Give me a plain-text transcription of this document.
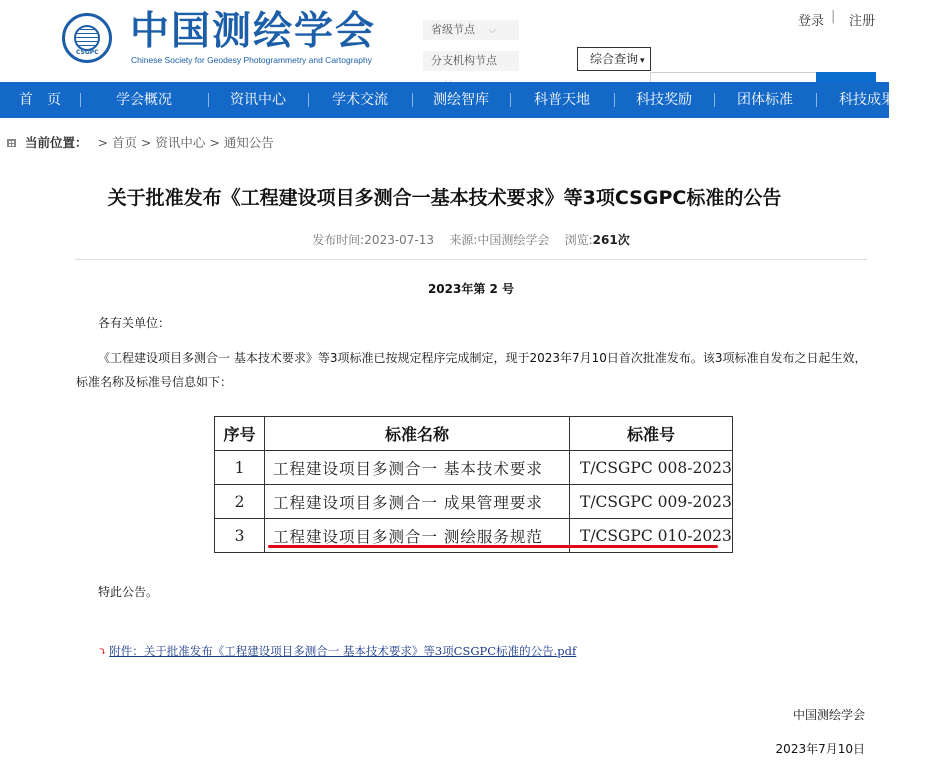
CSGPC 中国测绘学会
Chinese Society for Geodesy Photogrammetry and Cartography
省级节点 ⌵
分支机构节点	综合查询 ▾
登录 | 注册
首　页	学会概况	资讯中心	学术交流	测绘智库	科普天地	科技奖励	团体标准	科技成果
当前位置： > 首页 > 资讯中心 > 通知公告
关于批准发布《工程建设项目多测合一基本技术要求》等3项CSGPC标准的公告
发布时间:2023-07-13 来源:中国测绘学会 浏览:261次
2023年第 2 号
各有关单位：
《工程建设项目多测合一 基本技术要求》等3项标准已按规定程序完成制定，现于2023年7月10日首次批准发布。该3项标准自发布之日起生效，标准名称及标准号信息如下：
序号	标准名称	标准号
1	工程建设项目多测合一 基本技术要求	T/CSGPC 008-2023
2	工程建设项目多测合一 成果管理要求	T/CSGPC 009-2023
3	工程建设项目多测合一 测绘服务规范	T/CSGPC 010-2023
特此公告。
⤵ 附件：关于批准发布《工程建设项目多测合一 基本技术要求》等3项CSGPC标准的公告.pdf
中国测绘学会
2023年7月10日
